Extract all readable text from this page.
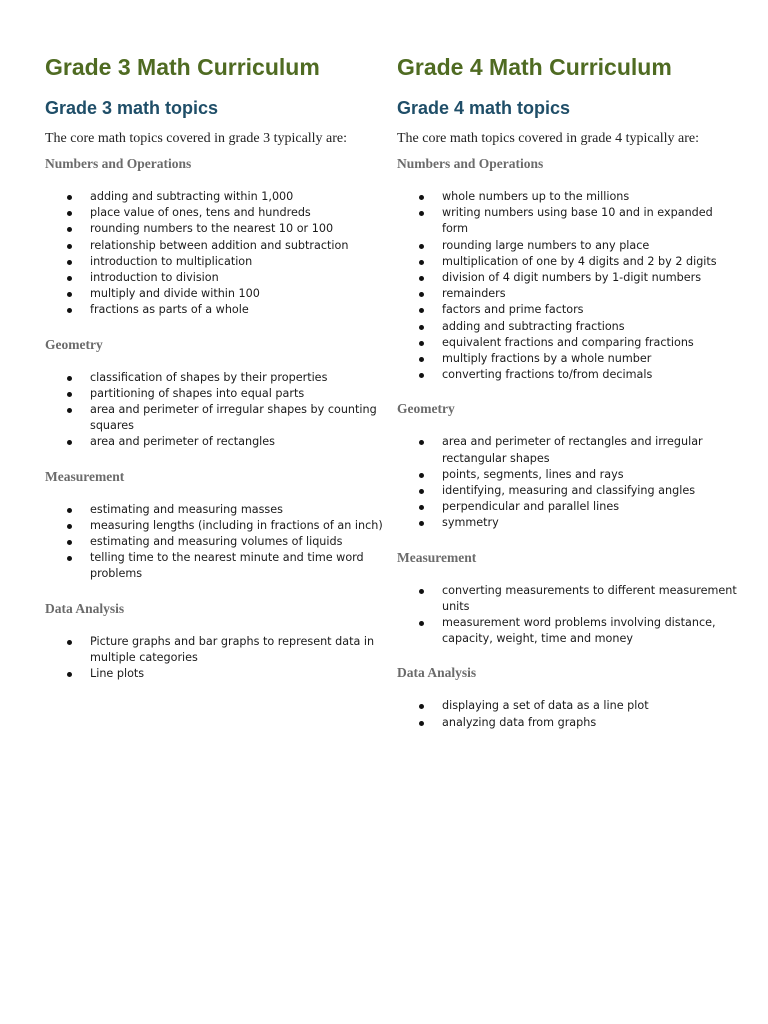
Grade 3 Math Curriculum
Grade 3 math topics

The core math topics covered in grade 3 typically are:

Numbers and Operations
adding and subtracting within 1,000
place value of ones, tens and hundreds
rounding numbers to the nearest 10 or 100
relationship between addition and subtraction
introduction to multiplication
introduction to division
multiply and divide within 100
fractions as parts of a whole
Geometry
classification of shapes by their properties
partitioning of shapes into equal parts
area and perimeter of irregular shapes by counting squares
area and perimeter of rectangles
Measurement
estimating and measuring masses
measuring lengths (including in fractions of an inch)
estimating and measuring volumes of liquids
telling time to the nearest minute and time word problems
Data Analysis
Picture graphs and bar graphs to represent data in multiple categories
Line plots
Grade 4 Math Curriculum
Grade 4 math topics

The core math topics covered in grade 4 typically are:

Numbers and Operations
whole numbers up to the millions
writing numbers using base 10 and in expanded form
rounding large numbers to any place
multiplication of one by 4 digits and 2 by 2 digits
division of 4 digit numbers by 1-digit numbers
remainders
factors and prime factors
adding and subtracting fractions
equivalent fractions and comparing fractions
multiply fractions by a whole number
converting fractions to/from decimals
Geometry
area and perimeter of rectangles and irregular rectangular shapes
points, segments, lines and rays
identifying, measuring and classifying angles
perpendicular and parallel lines
symmetry
Measurement
converting measurements to different measurement units
measurement word problems involving distance, capacity, weight, time and money
Data Analysis
displaying a set of data as a line plot
analyzing data from graphs
